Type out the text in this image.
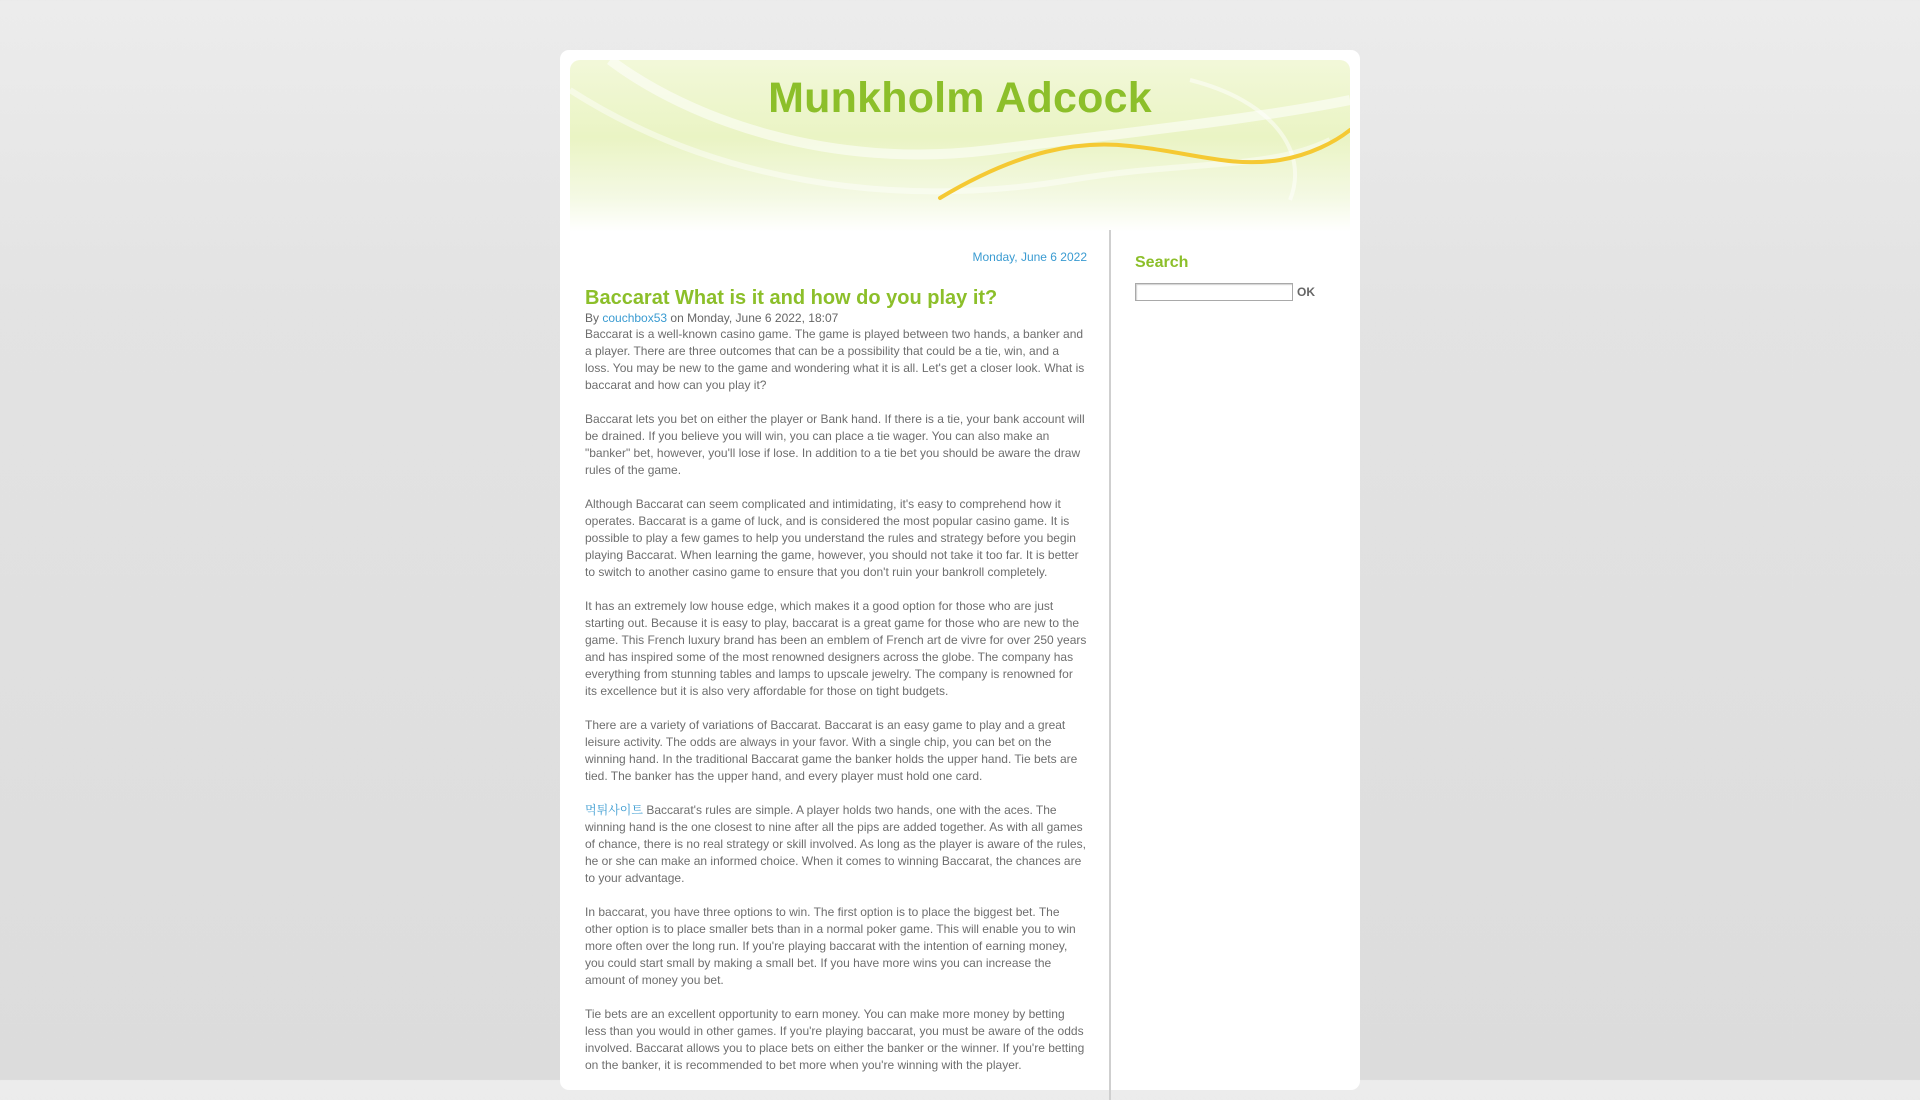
Munkholm Adcock
Monday, June 6 2022
Baccarat What is it and how do you play it?
By couchbox53 on Monday, June 6 2022, 18:07

Baccarat is a well-known casino game. The game is played between two hands, a banker and a player. There are three outcomes that can be a possibility that could be a tie, win, and a loss. You may be new to the game and wondering what it is all. Let's get a closer look. What is baccarat and how can you play it?

Baccarat lets you bet on either the player or Bank hand. If there is a tie, your bank account will be drained. If you believe you will win, you can place a tie wager. You can also make an "banker" bet, however, you'll lose if lose. In addition to a tie bet you should be aware the draw rules of the game.

Although Baccarat can seem complicated and intimidating, it's easy to comprehend how it operates. Baccarat is a game of luck, and is considered the most popular casino game. It is possible to play a few games to help you understand the rules and strategy before you begin playing Baccarat. When learning the game, however, you should not take it too far. It is better to switch to another casino game to ensure that you don't ruin your bankroll completely.

It has an extremely low house edge, which makes it a good option for those who are just starting out. Because it is easy to play, baccarat is a great game for those who are new to the game. This French luxury brand has been an emblem of French art de vivre for over 250 years and has inspired some of the most renowned designers across the globe. The company has everything from stunning tables and lamps to upscale jewelry. The company is renowned for its excellence but it is also very affordable for those on tight budgets.

There are a variety of variations of Baccarat. Baccarat is an easy game to play and a great leisure activity. The odds are always in your favor. With a single chip, you can bet on the winning hand. In the traditional Baccarat game the banker holds the upper hand. Tie bets are tied. The banker has the upper hand, and every player must hold one card.

먹튀사이트 Baccarat's rules are simple. A player holds two hands, one with the aces. The winning hand is the one closest to nine after all the pips are added together. As with all games of chance, there is no real strategy or skill involved. As long as the player is aware of the rules, he or she can make an informed choice. When it comes to winning Baccarat, the chances are to your advantage.

In baccarat, you have three options to win. The first option is to place the biggest bet. The other option is to place smaller bets than in a normal poker game. This will enable you to win more often over the long run. If you're playing baccarat with the intention of earning money, you could start small by making a small bet. If you have more wins you can increase the amount of money you bet.

Tie bets are an excellent opportunity to earn money. You can make more money by betting less than you would in other games. If you're playing baccarat, you must be aware of the odds involved. Baccarat allows you to place bets on either the banker or the winner. If you're betting on the banker, it is recommended to bet more when you're winning with the player.

Search
OK
